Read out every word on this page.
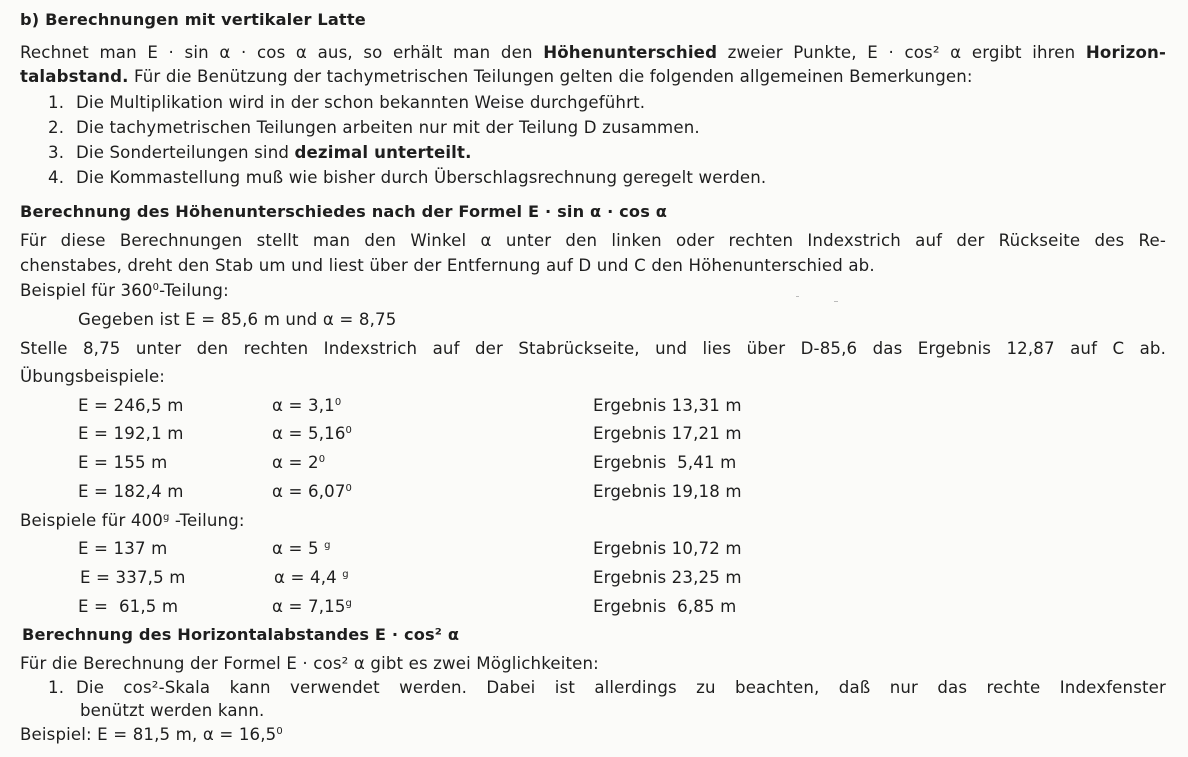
b) Berechnungen mit vertikaler Latte
Rechnet man E · sin α · cos α aus, so erhält man den Höhenunterschied zweier Punkte, E · cos² α ergibt ihren Horizon-
talabstand. Für die Benützung der tachymetrischen Teilungen gelten die folgenden allgemeinen Bemerkungen:
1. Die Multiplikation wird in der schon bekannten Weise durchgeführt.
2. Die tachymetrischen Teilungen arbeiten nur mit der Teilung D zusammen.
3. Die Sonderteilungen sind dezimal unterteilt.
4. Die Kommastellung muß wie bisher durch Überschlagsrechnung geregelt werden.
Berechnung des Höhenunterschiedes nach der Formel E · sin α · cos α
Für diese Berechnungen stellt man den Winkel α unter den linken oder rechten Indexstrich auf der Rückseite des Re-
chenstabes, dreht den Stab um und liest über der Entfernung auf D und C den Höhenunterschied ab.
Beispiel für $360^0$-Teilung:
Gegeben ist E = 85,6 m und α = 8,75
Stelle 8,75 unter den rechten Indexstrich auf der Stabrückseite, und lies über D-85,6 das Ergebnis 12,87 auf C ab.
Übungsbeispiele:
E = 246,5 m	$\alpha = 3,1^0$	Ergebnis 13,31 m
E = 192,1 m	$\alpha = 5,16^0$	Ergebnis 17,21 m
E = 155 m	$\alpha = 2^0$	Ergebnis  5,41 m
E = 182,4 m	$\alpha = 6,07^0$	Ergebnis 19,18 m
Beispiele für 400$^g$ -Teilung:
E = 137 m	α = 5 $^g$	Ergebnis 10,72 m
E = 337,5 m	α = 4,4 $^g$	Ergebnis 23,25 m
E =  61,5 m	α = 7,15$^g$	Ergebnis  6,85 m
Berechnung des Horizontalabstandes E · cos² α
Für die Berechnung der Formel E · cos² α gibt es zwei Möglichkeiten:
1. Die cos²-Skala kann verwendet werden. Dabei ist allerdings zu beachten, daß nur das rechte Indexfenster
benützt werden kann.
Beispiel: E = 81,5 m, $\alpha = 16,5^0$
